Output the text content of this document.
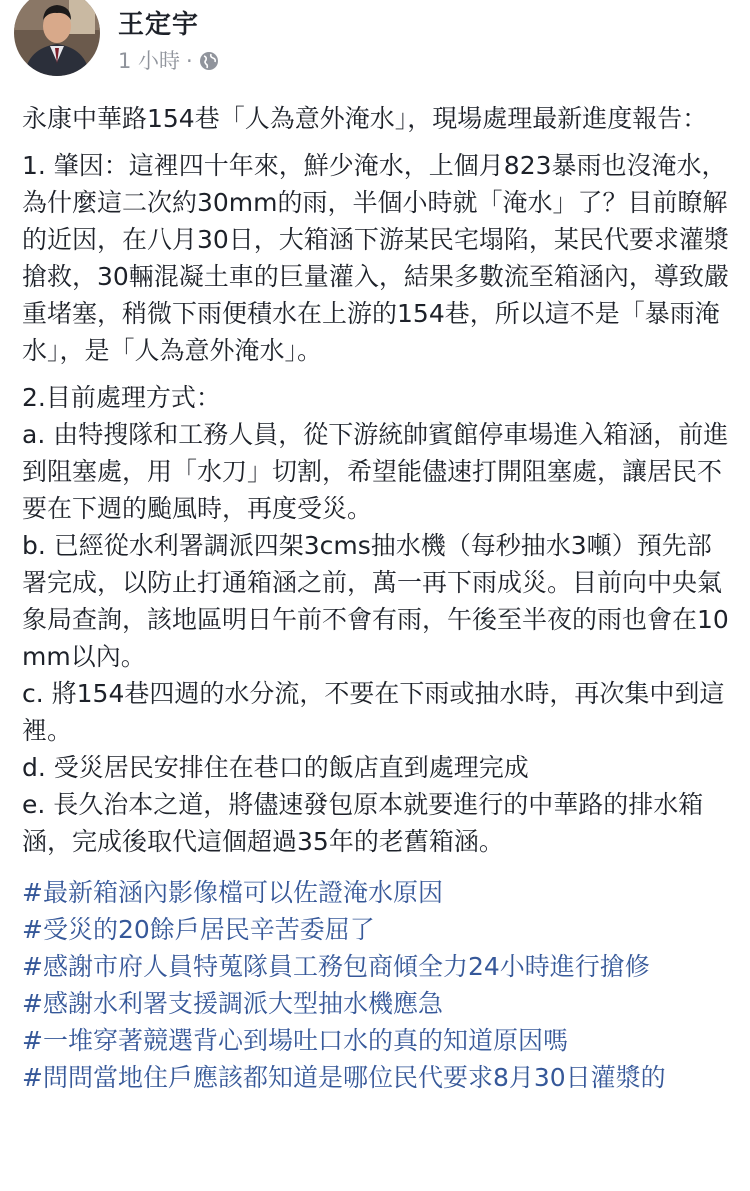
王定宇
1 小時 ·

永康中華路154巷「人為意外淹水」，現場處理最新進度報告：

1. 肇因：這裡四十年來，鮮少淹水，上個月823暴雨也沒淹水，為什麼這二次約30mm的雨，半個小時就「淹水」了？目前瞭解的近因，在八月30日，大箱涵下游某民宅塌陷，某民代要求灌漿搶救，30輛混凝土車的巨量灌入，結果多數流至箱涵內，導致嚴重堵塞，稍微下雨便積水在上游的154巷，所以這不是「暴雨淹水」，是「人為意外淹水」。

2.目前處理方式：

a. 由特搜隊和工務人員，從下游統帥賓館停車場進入箱涵，前進到阻塞處，用「水刀」切割，希望能儘速打開阻塞處，讓居民不要在下週的颱風時，再度受災。

b. 已經從水利署調派四架3cms抽水機（每秒抽水3噸）預先部署完成，以防止打通箱涵之前，萬一再下雨成災。目前向中央氣象局查詢，該地區明日午前不會有雨，午後至半夜的雨也會在10mm以內。

c. 將154巷四週的水分流，不要在下雨或抽水時，再次集中到這裡。

d. 受災居民安排住在巷口的飯店直到處理完成

e. 長久治本之道，將儘速發包原本就要進行的中華路的排水箱涵，完成後取代這個超過35年的老舊箱涵。

#最新箱涵內影像檔可以佐證淹水原因
#受災的20餘戶居民辛苦委屈了
#感謝市府人員特蒐隊員工務包商傾全力24小時進行搶修
#感謝水利署支援調派大型抽水機應急
#一堆穿著競選背心到場吐口水的真的知道原因嗎
#問問當地住戶應該都知道是哪位民代要求8月30日灌漿的
